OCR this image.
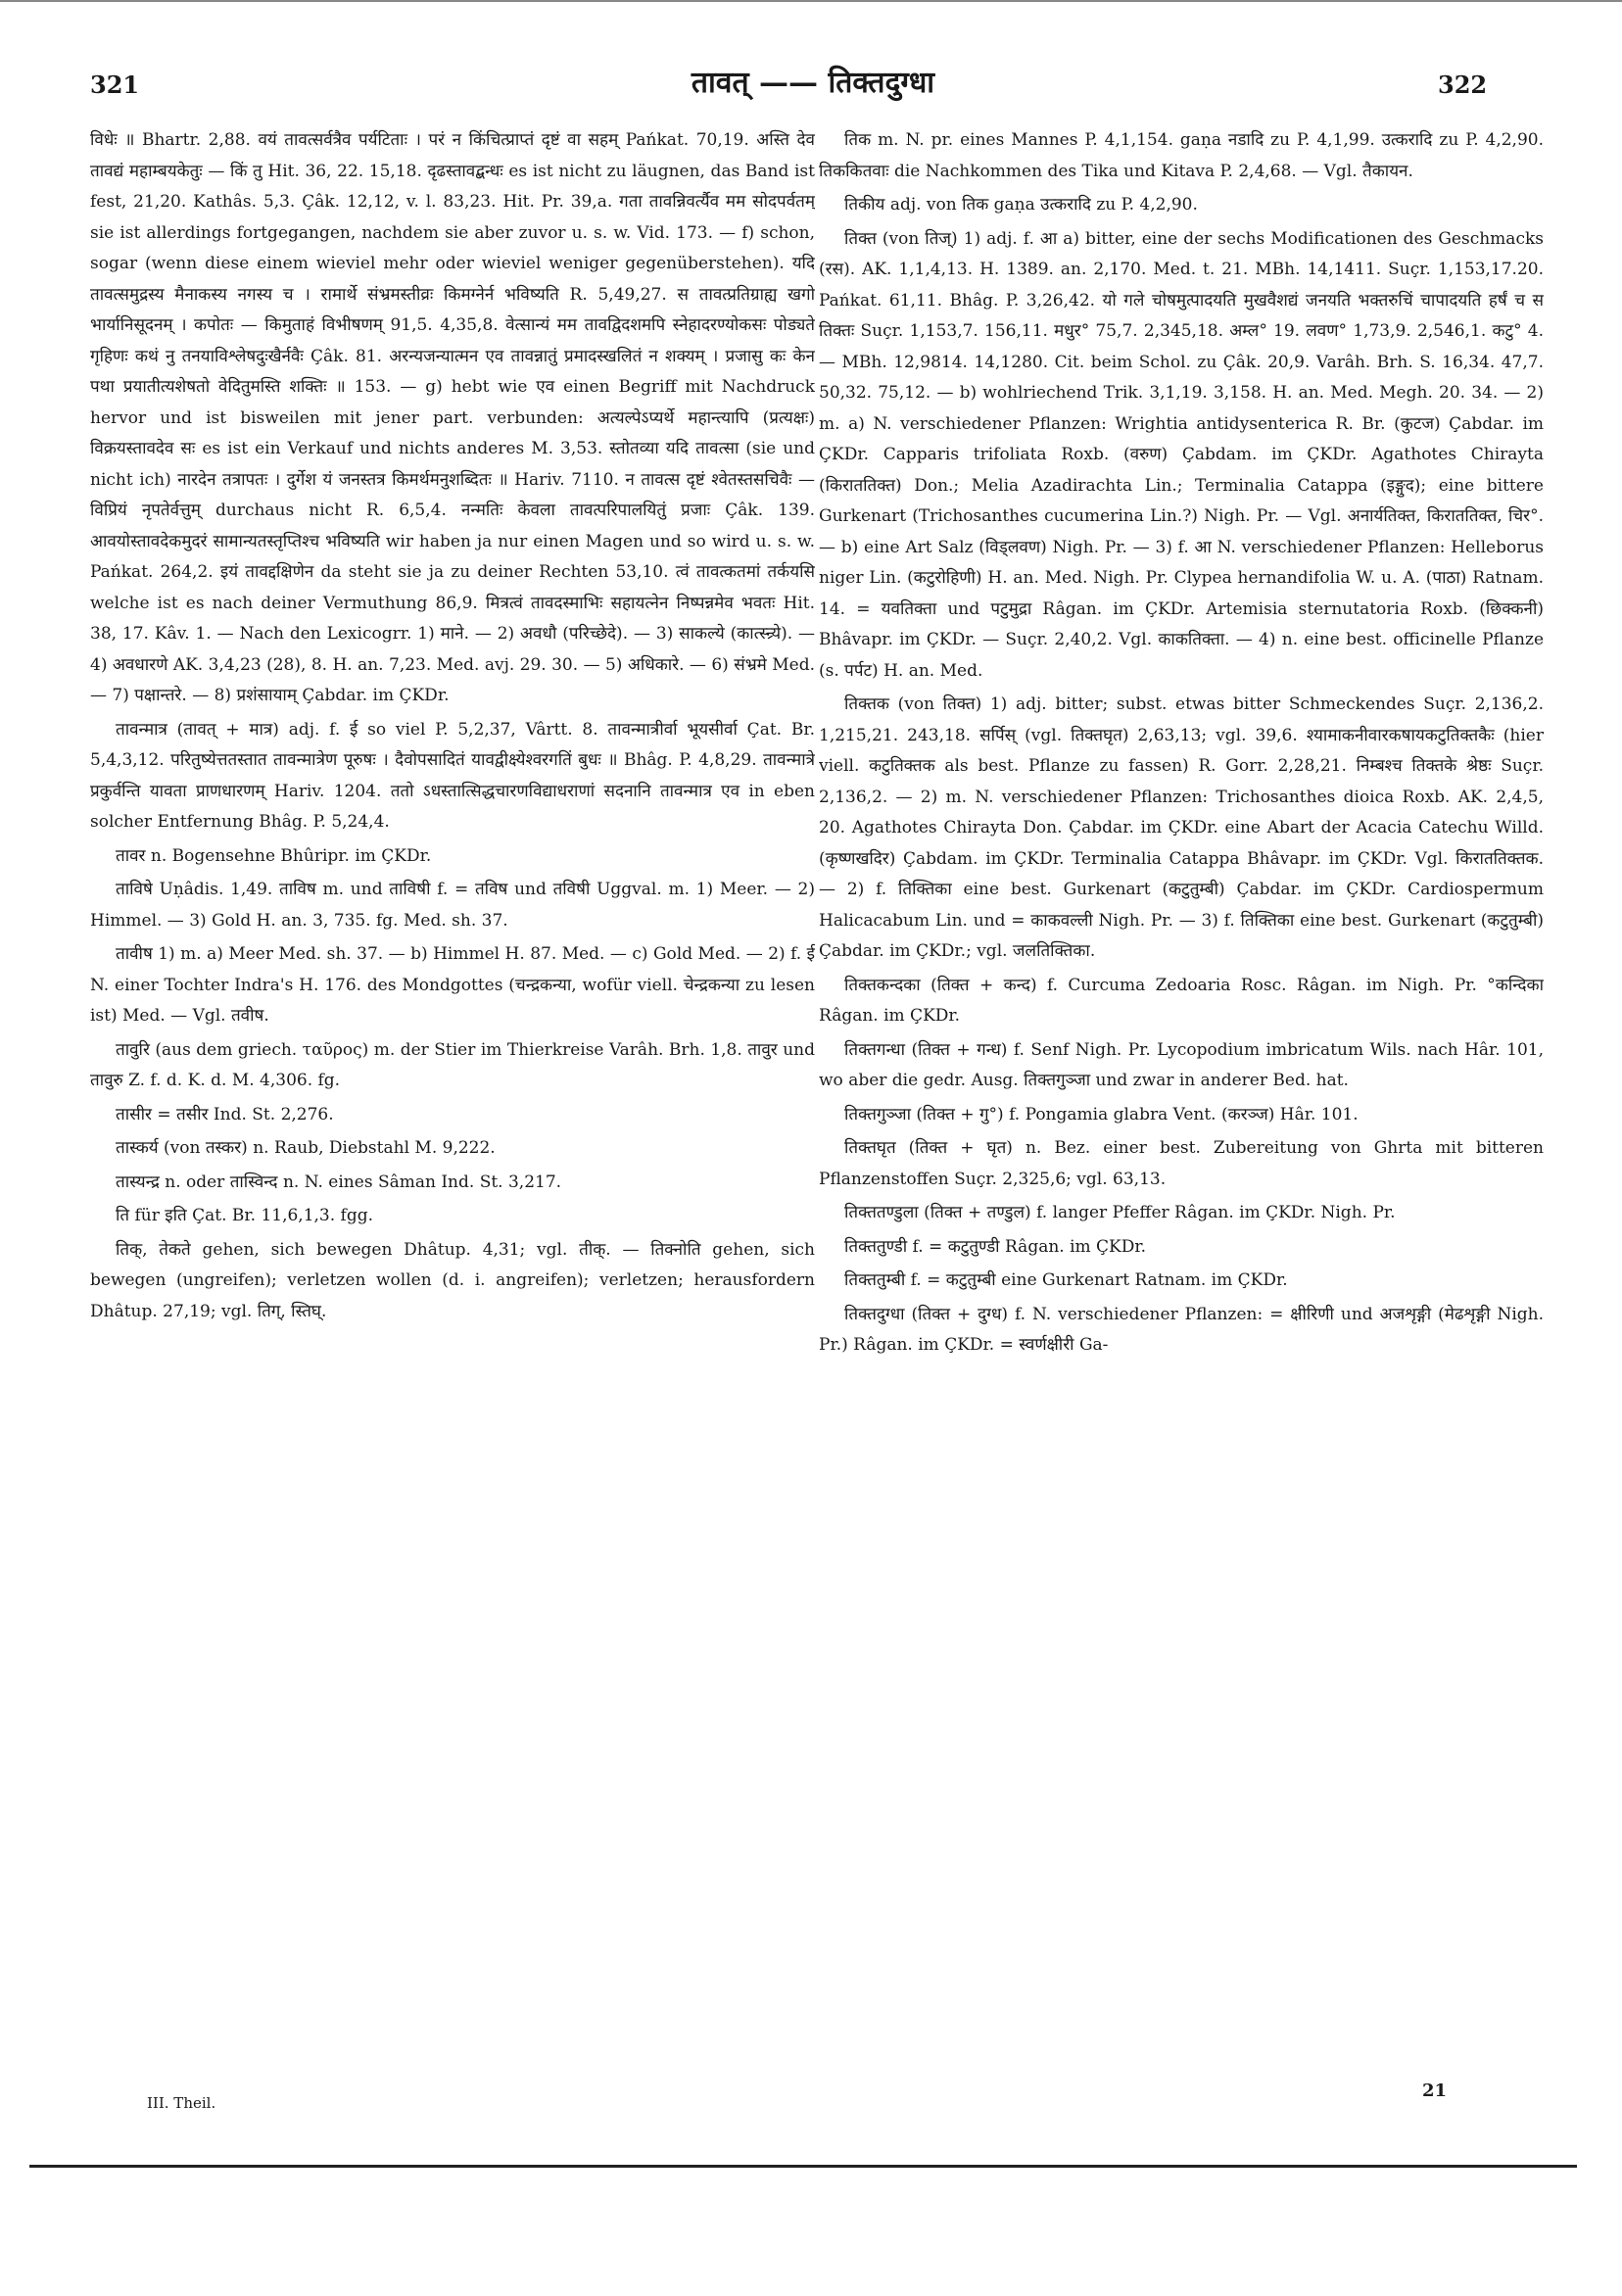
321	तावत् —— तिक्तदुग्धा	322

विधेः ॥ Bhartr. 2,88. वयं तावत्सर्वत्रैव पर्यटिताः । परं न किंचित्प्राप्तं दृष्टं वा सहम् Pańkat. 70,19. अस्ति देव तावद्यं महाम्बयकेतुः — किं तु Hit. 36, 22. 15,18. दृढस्तावद्बन्धः es ist nicht zu läugnen, das Band ist fest, 21,20. Kathâs. 5,3. Çâk. 12,12, v. l. 83,23. Hit. Pr. 39,a. गता तावन्निवर्त्यैव मम सोदपर्वतम् sie ist allerdings fortgegangen, nachdem sie aber zuvor u. s. w. Vid. 173. — f) schon, sogar (wenn diese einem wieviel mehr oder wieviel weniger gegenüberstehen). यदि तावत्समुद्रस्य मैनाकस्य नगस्य च । रामार्थे संभ्रमस्तीव्रः किमग्नेर्न भविष्यति R. 5,49,27. स तावत्प्रतिग्राह्य खगो भार्यानिसूदनम् । कपोतः — किमुताहं विभीषणम् 91,5. 4,35,8. वेत्सान्यं मम तावद्विदशमपि स्नेहादरण्योकसः पोड्यते गृहिणः कथं नु तनयाविश्लेषदुःखैर्नवैः Çâk. 81. अरन्यजन्यात्मन एव तावन्नातुं प्रमादस्खलितं न शक्यम् । प्रजासु कः केन पथा प्रयातीत्यशेषतो वेदितुमस्ति शक्तिः ॥ 153. — g) hebt wie एव einen Begriff mit Nachdruck hervor und ist bisweilen mit jener part. verbunden: अत्यल्पेऽप्यर्थे महान्त्यापि (प्रत्यक्षः) विक्रयस्तावदेव सः es ist ein Verkauf und nichts anderes M. 3,53. स्तोतव्या यदि तावत्सा (sie und nicht ich) नारदेन तत्रापतः । दुर्गेश यं जनस्तत्र किमर्थमनुशब्दितः ॥ Hariv. 7110. न तावत्स दृष्टं श्वेतस्तसचिवैः — विप्रियं नृपतेर्वत्तुम् durchaus nicht R. 6,5,4. नन्मतिः केवला तावत्परिपालयितुं प्रजाः Çâk. 139. आवयोस्तावदेकमुदरं सामान्यतस्तृप्तिश्च भविष्यति wir haben ja nur einen Magen und so wird u. s. w. Pańkat. 264,2. इयं तावद्दक्षिणेन da steht sie ja zu deiner Rechten 53,10. त्वं तावत्कतमां तर्कयसि welche ist es nach deiner Vermuthung 86,9. मित्रत्वं तावदस्माभिः सहायत्नेन निष्पन्नमेव भवतः Hit. 38, 17. Kâv. 1. — Nach den Lexicogrr. 1) माने. — 2) अवधौ (परिच्छेदे). — 3) साकल्ये (कात्स्न्र्ये). — 4) अवधारणे AK. 3,4,23 (28), 8. H. an. 7,23. Med. avj. 29. 30. — 5) अधिकारे. — 6) संभ्रमे Med. — 7) पक्षान्तरे. — 8) प्रशंसायाम् Çabdar. im ÇKDr.

तावन्मात्र (तावत् + मात्र) adj. f. ई so viel P. 5,2,37, Vârtt. 8. तावन्मात्रीर्वा भूयसीर्वा Çat. Br. 5,4,3,12. परितुष्येत्ततस्तात तावन्मात्रेण पूरुषः । दैवोपसादितं यावद्वीक्ष्येश्वरगतिं बुधः ॥ Bhâg. P. 4,8,29. तावन्मात्रे प्रकुर्वन्ति यावता प्राणधारणम् Hariv. 1204. ततो ऽधस्तात्सिद्धचारणविद्याधराणां सदनानि तावन्मात्र एव in eben solcher Entfernung Bhâg. P. 5,24,4.

तावर n. Bogensehne Bhûripr. im ÇKDr.

ताविषे Uṇâdis. 1,49. ताविष m. und ताविषी f. = तविष und तविषी Uggval. m. 1) Meer. — 2) Himmel. — 3) Gold H. an. 3, 735. fg. Med. sh. 37.

तावीष 1) m. a) Meer Med. sh. 37. — b) Himmel H. 87. Med. — c) Gold Med. — 2) f. ई N. einer Tochter Indra's H. 176. des Mondgottes (चन्द्रकन्या, wofür viell. चेन्द्रकन्या zu lesen ist) Med. — Vgl. तवीष.

तावुरि (aus dem griech. ταῦρος) m. der Stier im Thierkreise Varâh. Brh. 1,8. तावुर und तावुरु Z. f. d. K. d. M. 4,306. fg.

तासीर = तसीर Ind. St. 2,276.

तास्कर्य (von तस्कर) n. Raub, Diebstahl M. 9,222.

तास्यन्द्र n. oder तास्विन्द n. N. eines Sâman Ind. St. 3,217.

ति für इति Çat. Br. 11,6,1,3. fgg.

तिक्, तेकते gehen, sich bewegen Dhâtup. 4,31; vgl. तीक्. — तिक्नोति gehen, sich bewegen (ungreifen); verletzen wollen (d. i. angreifen); verletzen; herausfordern Dhâtup. 27,19; vgl. तिग्, स्तिघ्.

तिक m. N. pr. eines Mannes P. 4,1,154. gaṇa नडादि zu P. 4,1,99. उत्करादि zu P. 4,2,90. तिककितवाः die Nachkommen des Tika und Kitava P. 2,4,68. — Vgl. तैकायन.

तिकीय adj. von तिक gaṇa उत्करादि zu P. 4,2,90.

तिक्त (von तिज्) 1) adj. f. आ a) bitter, eine der sechs Modificationen des Geschmacks (रस). AK. 1,1,4,13. H. 1389. an. 2,170. Med. t. 21. MBh. 14,1411. Suçr. 1,153,17.20. Pańkat. 61,11. Bhâg. P. 3,26,42. यो गले चोषमुत्पादयति मुखवैशद्यं जनयति भक्तरुचिं चापादयति हर्षं च स तिक्तः Suçr. 1,153,7. 156,11. मधुर° 75,7. 2,345,18. अम्ल° 19. लवण° 1,73,9. 2,546,1. कटु° 4. — MBh. 12,9814. 14,1280. Cit. beim Schol. zu Çâk. 20,9. Varâh. Brh. S. 16,34. 47,7. 50,32. 75,12. — b) wohlriechend Trik. 3,1,19. 3,158. H. an. Med. Megh. 20. 34. — 2) m. a) N. verschiedener Pflanzen: Wrightia antidysenterica R. Br. (कुटज) Çabdar. im ÇKDr. Capparis trifoliata Roxb. (वरुण) Çabdam. im ÇKDr. Agathotes Chirayta (किराततिक्त) Don.; Melia Azadirachta Lin.; Terminalia Catappa (इङ्गुद); eine bittere Gurkenart (Trichosanthes cucumerina Lin.?) Nigh. Pr. — Vgl. अनार्यतिक्त, किराततिक्त, चिर°. — b) eine Art Salz (विड्लवण) Nigh. Pr. — 3) f. आ N. verschiedener Pflanzen: Helleborus niger Lin. (कटुरोहिणी) H. an. Med. Nigh. Pr. Clypea hernandifolia W. u. A. (पाठा) Ratnam. 14. = यवतिक्ता und पटुमुद्रा Râgan. im ÇKDr. Artemisia sternutatoria Roxb. (छिक्कनी) Bhâvapr. im ÇKDr. — Suçr. 2,40,2. Vgl. काकतिक्ता. — 4) n. eine best. officinelle Pflanze (s. पर्पट) H. an. Med.

तिक्तक (von तिक्त) 1) adj. bitter; subst. etwas bitter Schmeckendes Suçr. 2,136,2. 1,215,21. 243,18. सर्पिस् (vgl. तिक्तघृत) 2,63,13; vgl. 39,6. श्यामाकनीवारकषायकटुतिक्तकैः (hier viell. कटुतिक्तक als best. Pflanze zu fassen) R. Gorr. 2,28,21. निम्बश्च तिक्तके श्रेष्ठः Suçr. 2,136,2. — 2) m. N. verschiedener Pflanzen: Trichosanthes dioica Roxb. AK. 2,4,5, 20. Agathotes Chirayta Don. Çabdar. im ÇKDr. eine Abart der Acacia Catechu Willd. (कृष्णखदिर) Çabdam. im ÇKDr. Terminalia Catappa Bhâvapr. im ÇKDr. Vgl. किराततिक्तक. — 2) f. तिक्तिका eine best. Gurkenart (कटुतुम्बी) Çabdar. im ÇKDr. Cardiospermum Halicacabum Lin. und = काकवल्ली Nigh. Pr. — 3) f. तिक्तिका eine best. Gurkenart (कटुतुम्बी) Çabdar. im ÇKDr.; vgl. जलतिक्तिका.

तिक्तकन्दका (तिक्त + कन्द) f. Curcuma Zedoaria Rosc. Râgan. im Nigh. Pr. °कन्दिका Râgan. im ÇKDr.

तिक्तगन्धा (तिक्त + गन्ध) f. Senf Nigh. Pr. Lycopodium imbricatum Wils. nach Hâr. 101, wo aber die gedr. Ausg. तिक्तगुञ्जा und zwar in anderer Bed. hat.

तिक्तगुञ्जा (तिक्त + गु°) f. Pongamia glabra Vent. (करञ्ज) Hâr. 101.

तिक्तघृत (तिक्त + घृत) n. Bez. einer best. Zubereitung von Ghrta mit bitteren Pflanzenstoffen Suçr. 2,325,6; vgl. 63,13.

तिक्ततण्डुला (तिक्त + तण्डुल) f. langer Pfeffer Râgan. im ÇKDr. Nigh. Pr.

तिक्ततुण्डी f. = कटुतुण्डी Râgan. im ÇKDr.

तिक्ततुम्बी f. = कटुतुम्बी eine Gurkenart Ratnam. im ÇKDr.

तिक्तदुग्धा (तिक्त + दुग्ध) f. N. verschiedener Pflanzen: = क्षीरिणी und अजशृङ्गी (मेढशृङ्गी Nigh. Pr.) Râgan. im ÇKDr. = स्वर्णक्षीरी Ga-

III. Theil.
21
